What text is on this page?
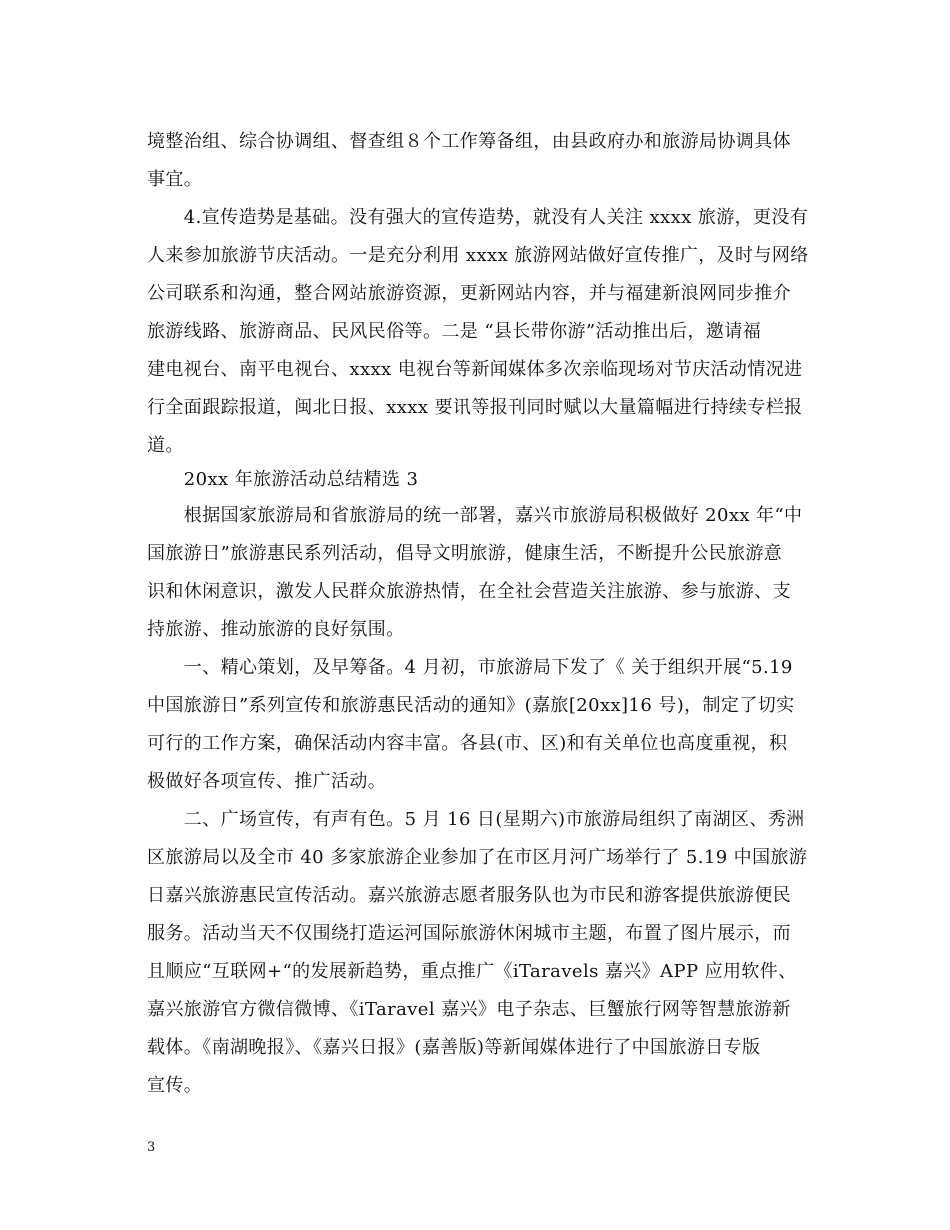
境整治组、综合协调组、督查组８个工作筹备组，由县政府办和旅游局协调具体
事宜。
　　4.宣传造势是基础。没有强大的宣传造势，就没有人关注 xxxx 旅游，更没有
人来参加旅游节庆活动。一是充分利用 xxxx 旅游网站做好宣传推广，及时与网络
公司联系和沟通，整合网站旅游资源，更新网站内容，并与福建新浪网同步推介
旅游线路、旅游商品、民风民俗等。二是 “县长带你游”活动推出后，邀请福
建电视台、南平电视台、xxxx 电视台等新闻媒体多次亲临现场对节庆活动情况进
行全面跟踪报道，闽北日报、xxxx 要讯等报刊同时赋以大量篇幅进行持续专栏报
道。
　　20xx 年旅游活动总结精选 3
　　根据国家旅游局和省旅游局的统一部署，嘉兴市旅游局积极做好 20xx 年“中
国旅游日”旅游惠民系列活动，倡导文明旅游，健康生活，不断提升公民旅游意
识和休闲意识，激发人民群众旅游热情，在全社会营造关注旅游、参与旅游、支
持旅游、推动旅游的良好氛围。
　　一、精心策划，及早筹备。4 月初，市旅游局下发了《 关于组织开展“5.19
中国旅游日”系列宣传和旅游惠民活动的通知》(嘉旅[20xx]16 号)，制定了切实
可行的工作方案，确保活动内容丰富。各县(市、区)和有关单位也高度重视，积
极做好各项宣传、推广活动。
　　二、广场宣传，有声有色。5 月 16 日(星期六)市旅游局组织了南湖区、秀洲
区旅游局以及全市 40 多家旅游企业参加了在市区月河广场举行了 5.19 中国旅游
日嘉兴旅游惠民宣传活动。嘉兴旅游志愿者服务队也为市民和游客提供旅游便民
服务。活动当天不仅围绕打造运河国际旅游休闲城市主题，布置了图片展示，而
且顺应“互联网+“的发展新趋势，重点推广《iTaravels 嘉兴》APP 应用软件、
嘉兴旅游官方微信微博、《iTaravel 嘉兴》电子杂志、巨蟹旅行网等智慧旅游新
载体。《南湖晚报》、《嘉兴日报》(嘉善版)等新闻媒体进行了中国旅游日专版
宣传。
3
